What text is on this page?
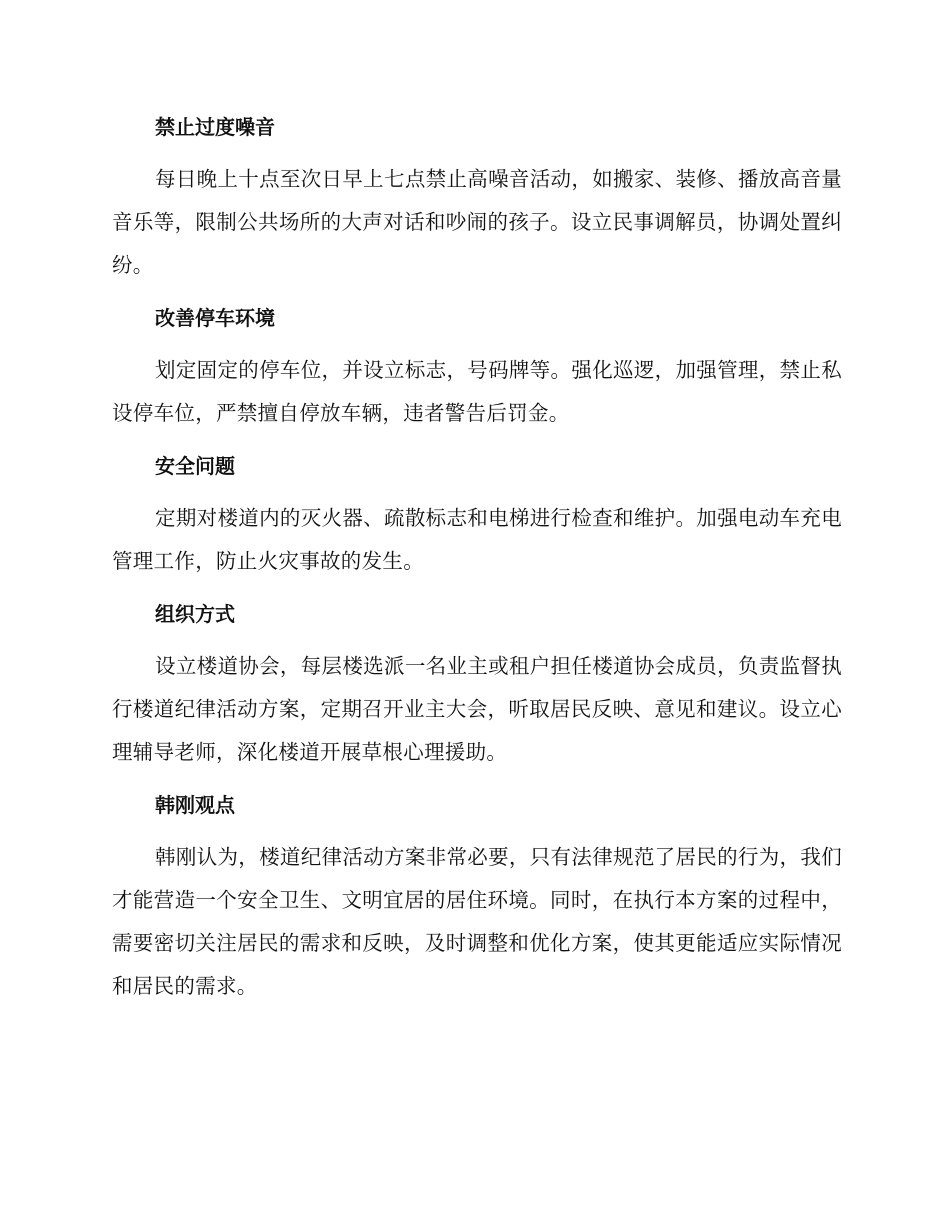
禁止过度噪音

每日晚上十点至次日早上七点禁止高噪音活动，如搬家、装修、播放高音量音乐等，限制公共场所的大声对话和吵闹的孩子。设立民事调解员，协调处置纠纷。

改善停车环境

划定固定的停车位，并设立标志，号码牌等。强化巡逻，加强管理，禁止私设停车位，严禁擅自停放车辆，违者警告后罚金。

安全问题

定期对楼道内的灭火器、疏散标志和电梯进行检查和维护。加强电动车充电管理工作，防止火灾事故的发生。

组织方式

设立楼道协会，每层楼选派一名业主或租户担任楼道协会成员，负责监督执行楼道纪律活动方案，定期召开业主大会，听取居民反映、意见和建议。设立心理辅导老师，深化楼道开展草根心理援助。

韩刚观点

韩刚认为，楼道纪律活动方案非常必要，只有法律规范了居民的行为，我们才能营造一个安全卫生、文明宜居的居住环境。同时，在执行本方案的过程中，需要密切关注居民的需求和反映，及时调整和优化方案，使其更能适应实际情况和居民的需求。
